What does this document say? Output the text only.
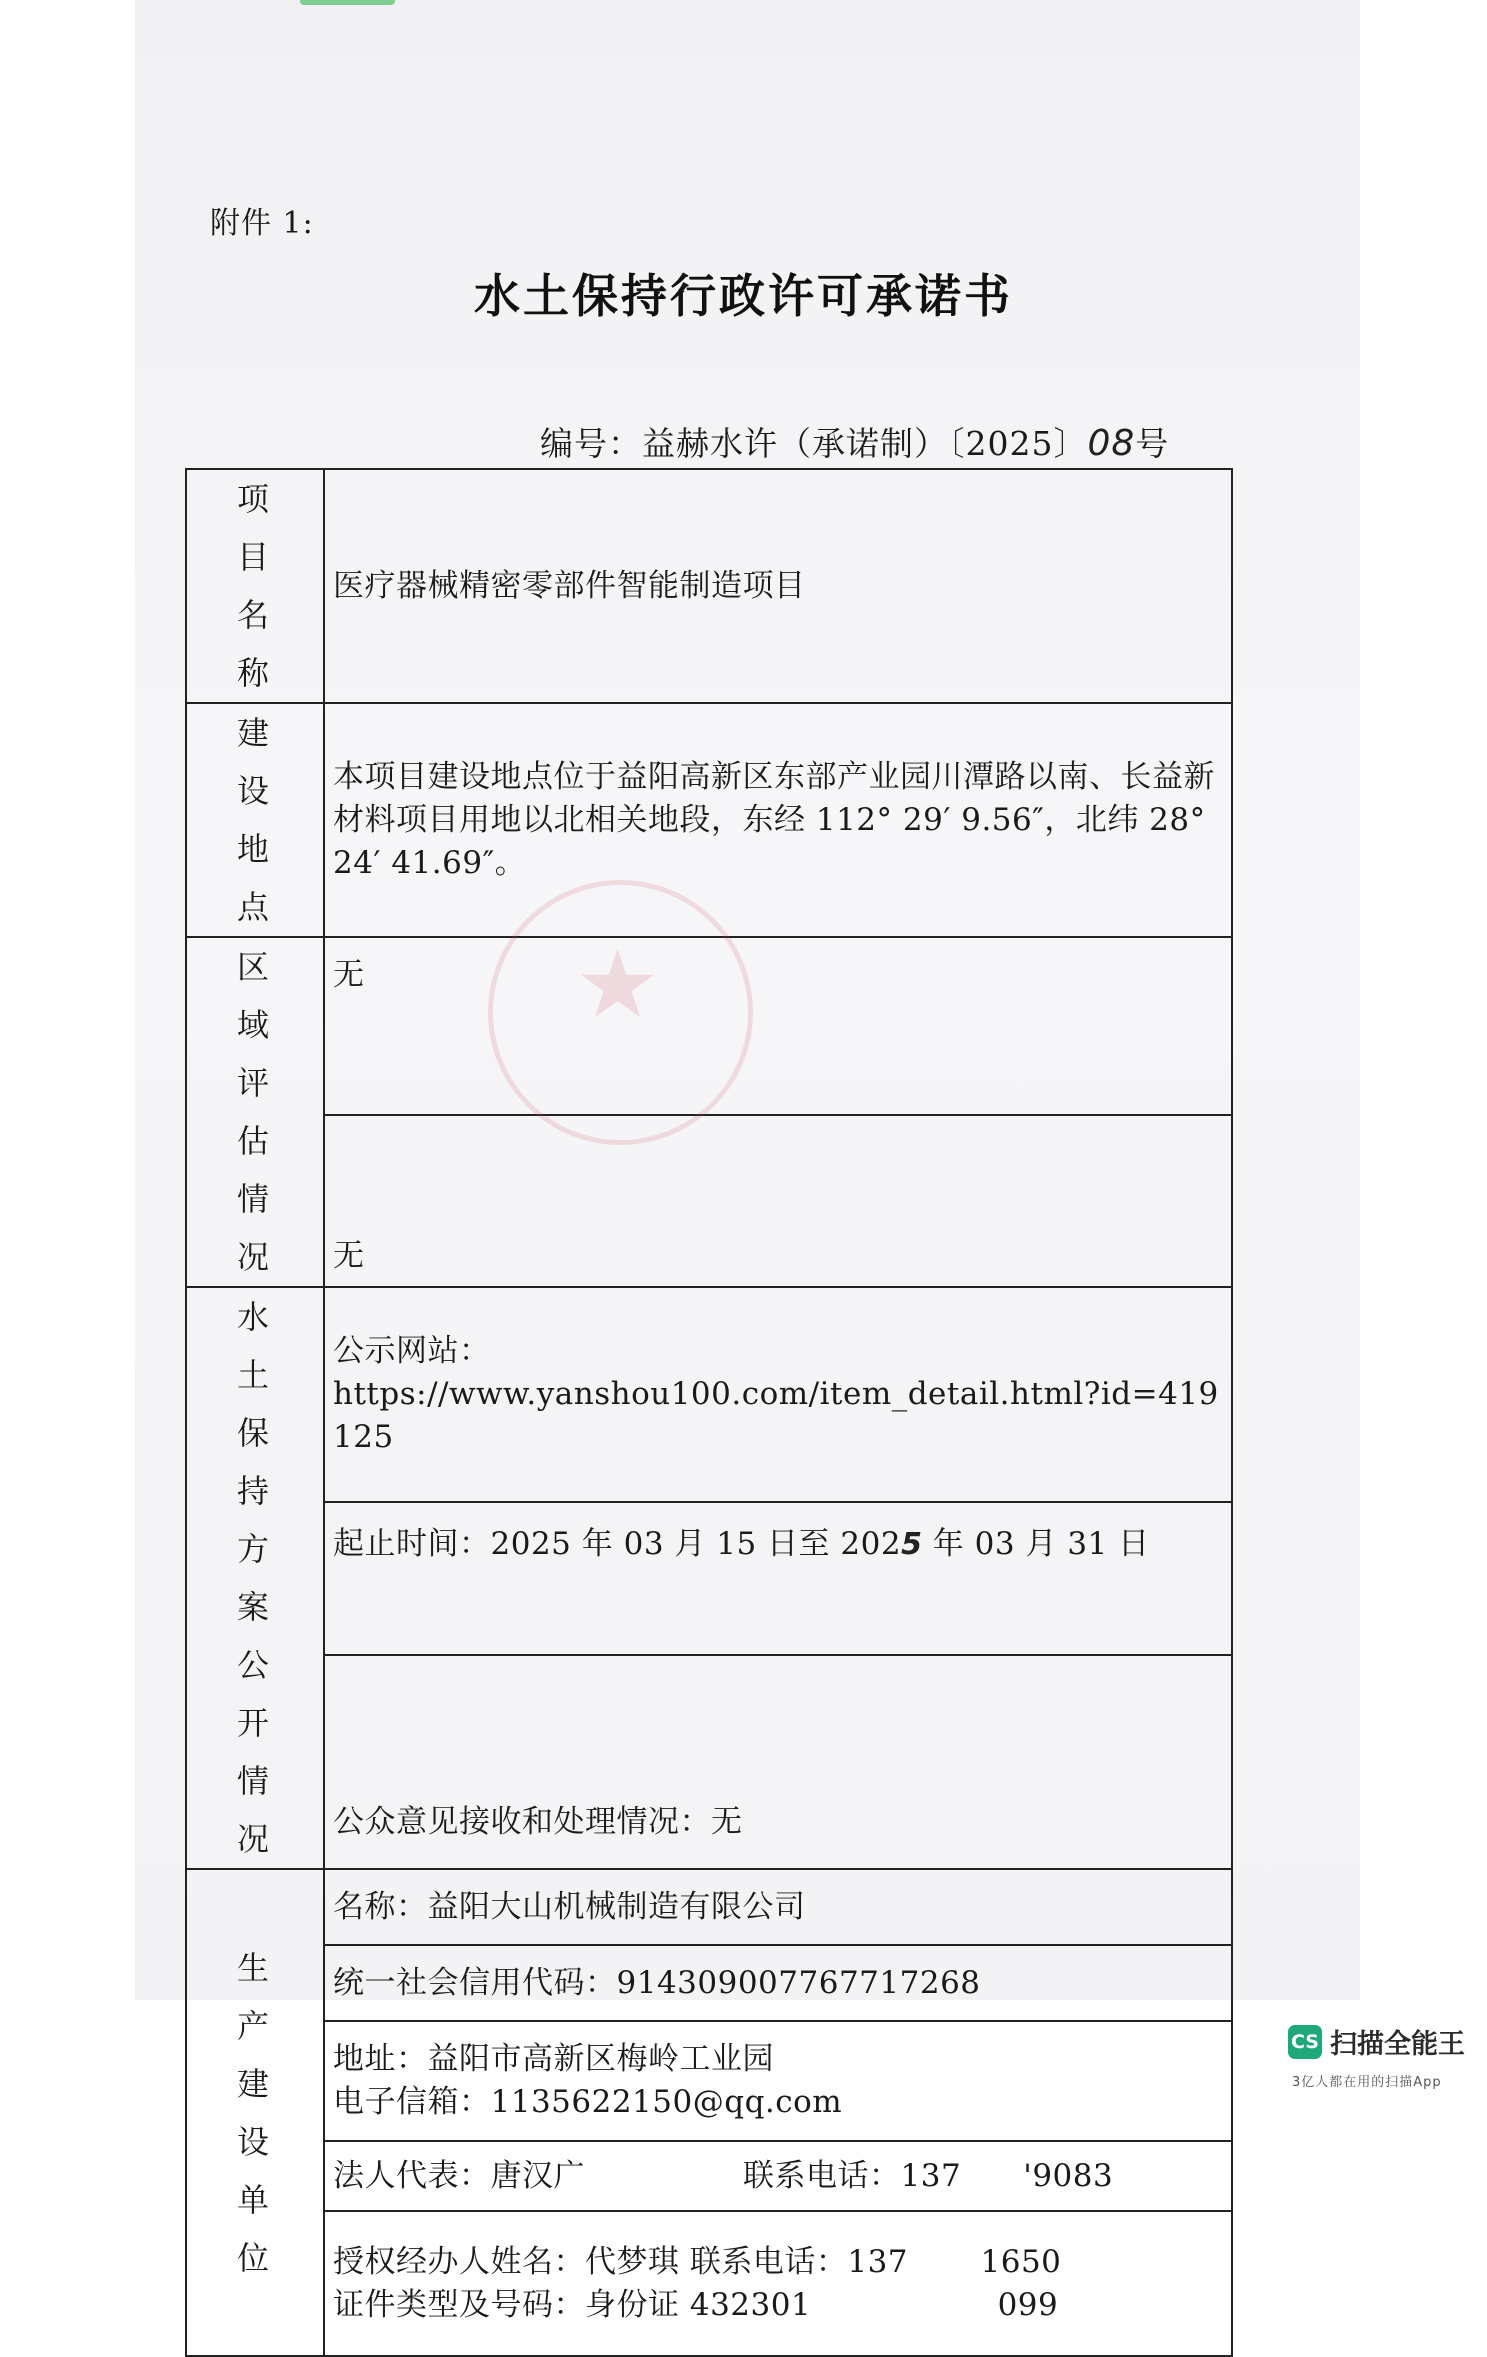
附件 1:
水土保持行政许可承诺书
编号：益赫水许（承诺制）〔2025〕08号
项目名称	医疗器械精密零部件智能制造项目

建设地点	本项目建设地点位于益阳高新区东部产业园川潭路以南、长益新材料项目用地以北相关地段，东经 112° 29′ 9.56″，北纬 28° 24′ 41.69″。

区域评估情况	无
	无

水土保持方案公开情况	公示网站：
https://www.yanshou100.com/item_detail.html?id=419125

	起止时间：2025 年 03 月 15 日至 2025 年 03 月 31 日
	公众意见接收和处理情况：无

生产建设单位	名称：益阳大山机械制造有限公司
	统一社会信用代码：914309007767717268

	地址：益阳市高新区梅岭工业园
电子信箱：1135622150@qq.com

	法人代表：唐汉广 联系电话：137      '9083

	授权经办人姓名：代梦琪 联系电话：137       1650
证件类型及号码：身份证 432301                  099
CS 扫描全能王
3亿人都在用的扫描App
